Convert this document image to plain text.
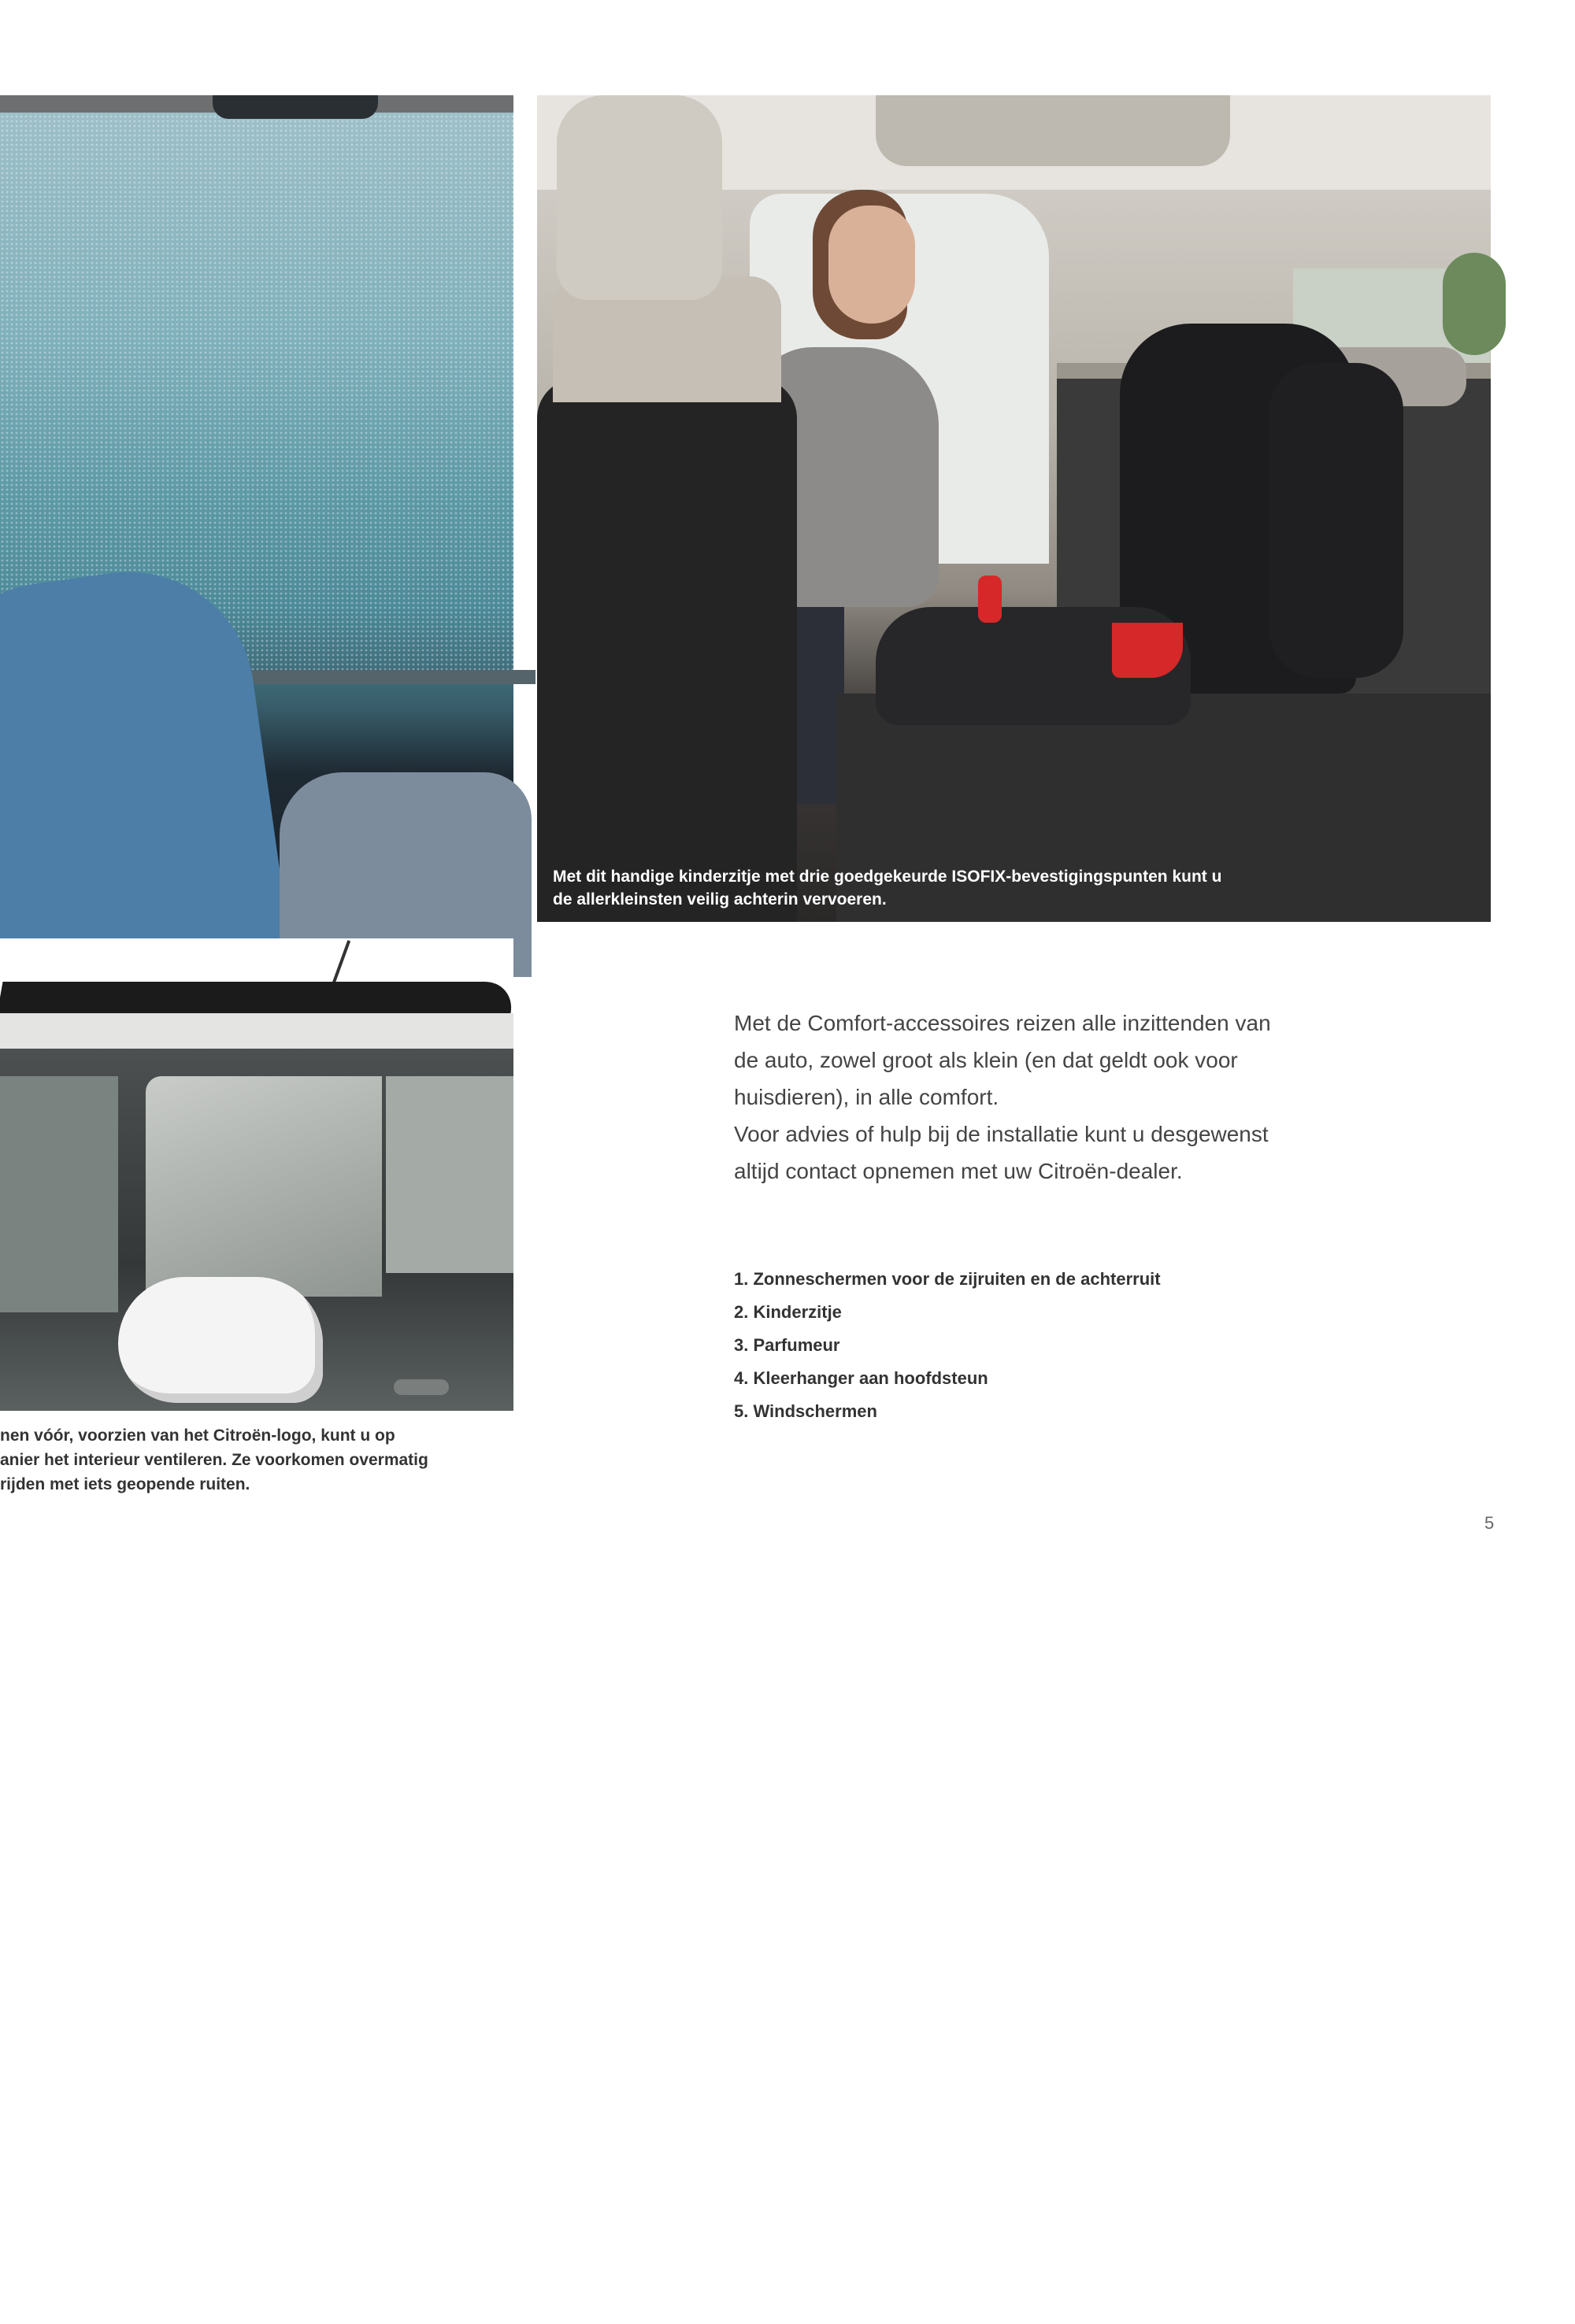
Met dit handige kinderzitje met drie goedgekeurde ISOFIX-bevestigingspunten kunt u
de allerkleinsten veilig achterin vervoeren.
2
5
nen vóór, voorzien van het Citroën-logo, kunt u op
anier het interieur ventileren. Ze voorkomen overmatig
rijden met iets geopende ruiten.

Met de Comfort-accessoires reizen alle inzittenden van de auto, zowel groot als klein (en dat geldt ook voor huisdieren), in alle comfort.

Voor advies of hulp bij de installatie kunt u desgewenst altijd contact opnemen met uw Citroën-dealer.

1. Zonneschermen voor de zijruiten en de achterruit
2. Kinderzitje
3. Parfumeur
4. Kleerhanger aan hoofdsteun
5. Windschermen
5
